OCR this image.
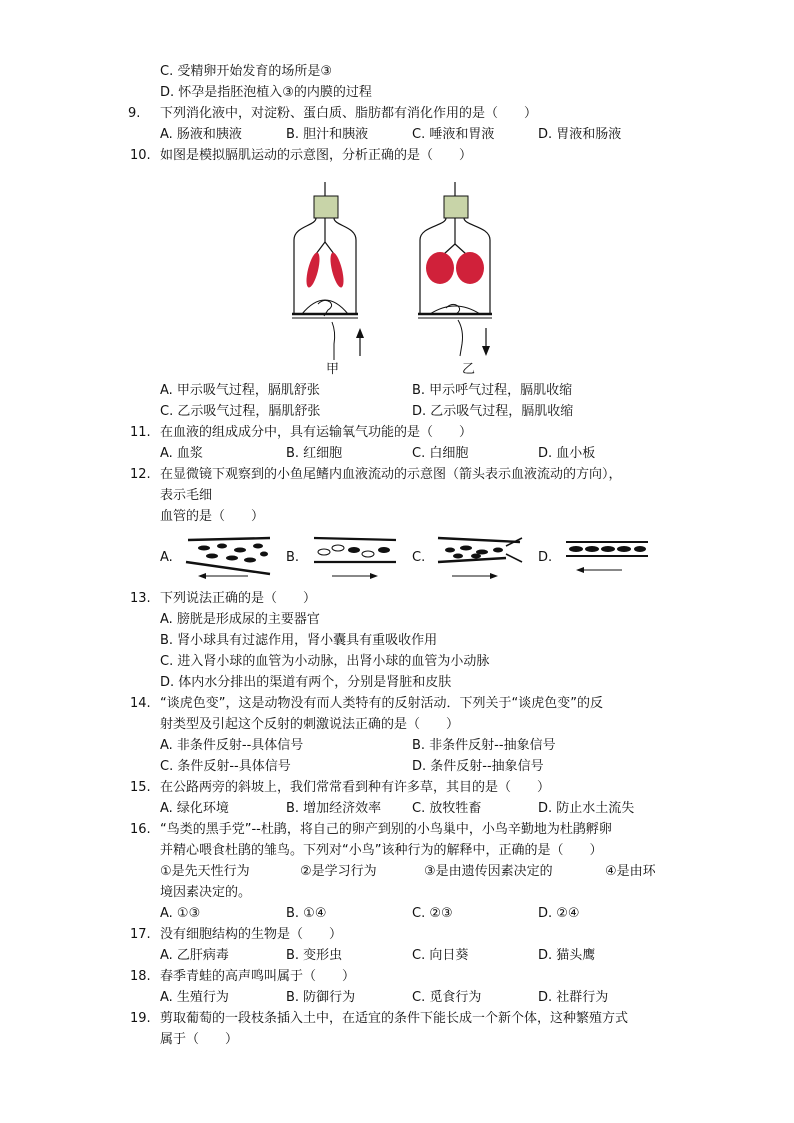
C. 受精卵开始发育的场所是③
D. 怀孕是指胚泡植入③的内膜的过程
9. 下列消化液中，对淀粉、蛋白质、脂肪都有消化作用的是（　　）
A. 肠液和胰液	B. 胆汁和胰液	C. 唾液和胃液	D. 胃液和肠液
10. 如图是模拟膈肌运动的示意图，分析正确的是（　　）
甲	乙
A. 甲示吸气过程，膈肌舒张	B. 甲示呼气过程，膈肌收缩
C. 乙示吸气过程，膈肌舒张	D. 乙示吸气过程，膈肌收缩
11. 在血液的组成成分中，具有运输氧气功能的是（　　）
A. 血浆	B. 红细胞	C. 白细胞	D. 血小板
12. 在显微镜下观察到的小鱼尾鳍内血液流动的示意图（箭头表示血液流动的方向），
表示毛细
血管的是（　　）
A.	B.	C.	D.
13. 下列说法正确的是（　　）
A. 膀胱是形成尿的主要器官
B. 肾小球具有过滤作用，肾小囊具有重吸收作用
C. 进入肾小球的血管为小动脉，出肾小球的血管为小动脉
D. 体内水分排出的渠道有两个，分别是肾脏和皮肤
14. “谈虎色变”，这是动物没有而人类特有的反射活动．下列关于“谈虎色变”的反
射类型及引起这个反射的刺激说法正确的是（　　）
A. 非条件反射--具体信号	B. 非条件反射--抽象信号
C. 条件反射--具体信号	D. 条件反射--抽象信号
15. 在公路两旁的斜坡上，我们常常看到种有许多草，其目的是（　　）
A. 绿化环境	B. 增加经济效率 C. 放牧牲畜	D. 防止水土流失
16. “鸟类的黑手党”--杜鹃，将自己的卵产到别的小鸟巢中，小鸟辛勤地为杜鹃孵卵
并精心喂食杜鹃的雏鸟。下列对“小鸟”该种行为的解释中，正确的是（　　）
①是先天性行为	②是学习行为	③是由遗传因素决定的	④是由环
境因素决定的。
A. ①③	B. ①④	C. ②③	D. ②④
17. 没有细胞结构的生物是（　　）
A. 乙肝病毒	B. 变形虫	C. 向日葵	D. 猫头鹰
18. 春季青蛙的高声鸣叫属于（　　）
A. 生殖行为	B. 防御行为	C. 觅食行为	D. 社群行为
19. 剪取葡萄的一段枝条插入土中，在适宜的条件下能长成一个新个体，这种繁殖方式
属于（　　）
